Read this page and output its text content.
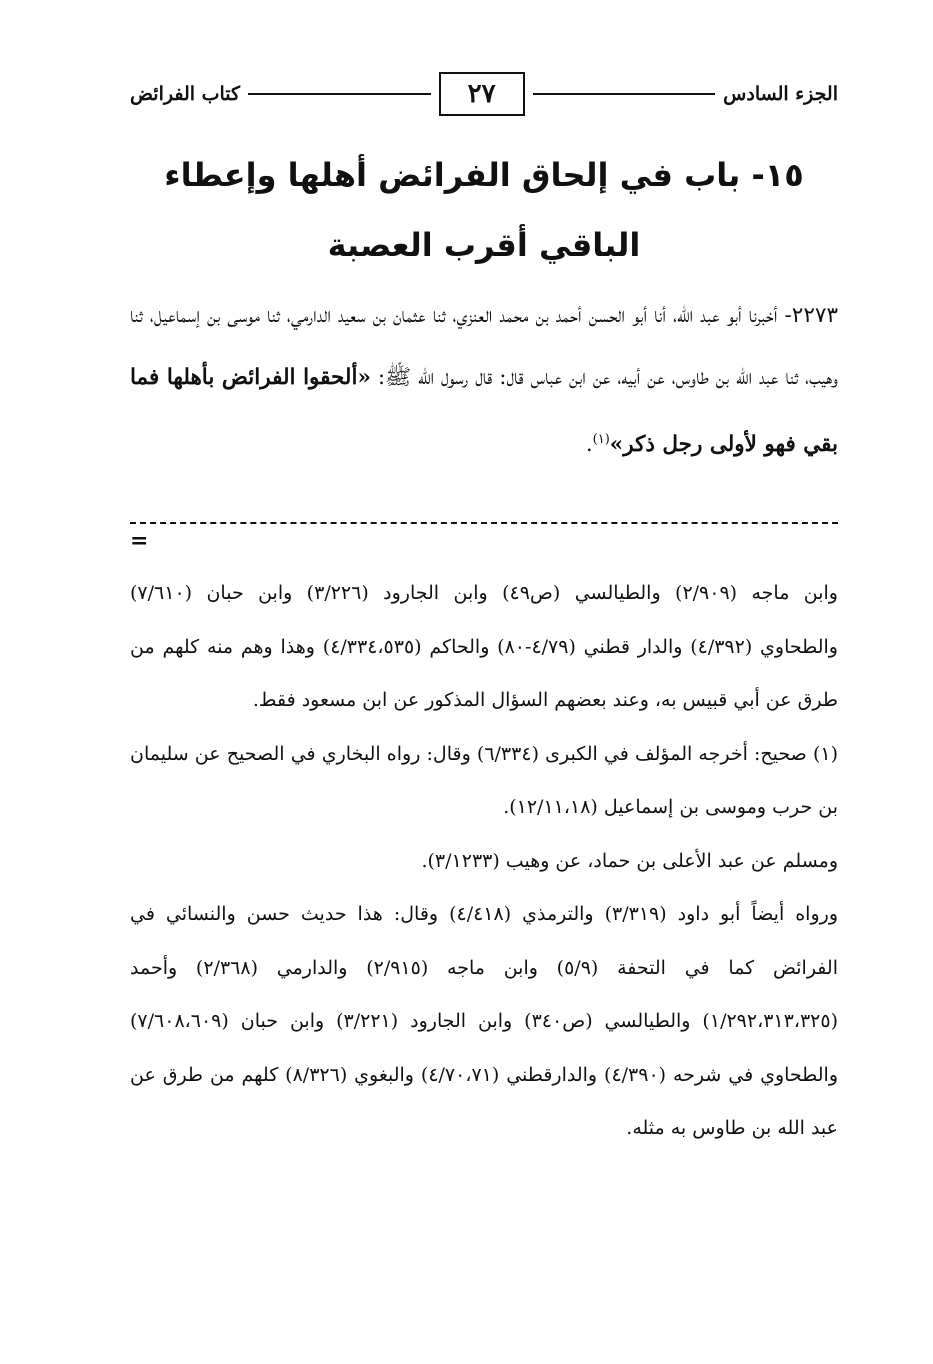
الجزء السادس
٢٧
كتاب الفرائض
١٥- باب في إلحاق الفرائض أهلها وإعطاء الباقي أقرب العصبة

٢٢٧٣- أخبرنا أبو عبد الله، أنا أبو الحسن أحمد بن محمد العنزي، ثنا عثمان بن سعيد الدارمي، ثنا موسى بن إسماعيل، ثنا وهيب، ثنا عبد الله بن طاوس، عن أبيه، عن ابن عباس قال: قال رسول الله ﷺ: «ألحقوا الفرائض بأهلها فما بقي فهو لأولى رجل ذكر»$^{(١)}$.

=

وابن ماجه (٢/٩٠٩) والطيالسي (ص٤٩) وابن الجارود (٣/٢٢٦) وابن حبان (٧/٦١٠) والطحاوي (٤/٣٩٢) والدار قطني (٤/٧٩-٨٠) والحاكم (٤/٣٣٤،٥٣٥) وهذا وهم منه كلهم من طرق عن أبي قبيس به، وعند بعضهم السؤال المذكور عن ابن مسعود فقط.

(١) صحيح: أخرجه المؤلف في الكبرى (٦/٣٣٤) وقال: رواه البخاري في الصحيح عن سليمان بن حرب وموسى بن إسماعيل (١٢/١١،١٨).

ومسلم عن عبد الأعلى بن حماد، عن وهيب (٣/١٢٣٣).

ورواه أيضاً أبو داود (٣/٣١٩) والترمذي (٤/٤١٨) وقال: هذا حديث حسن والنسائي في الفرائض كما في التحفة (٥/٩) وابن ماجه (٢/٩١٥) والدارمي (٢/٣٦٨) وأحمد (١/٢٩٢،٣١٣،٣٢٥) والطيالسي (ص٣٤٠) وابن الجارود (٣/٢٢١) وابن حبان (٧/٦٠٨،٦٠٩) والطحاوي في شرحه (٤/٣٩٠) والدارقطني (٤/٧٠،٧١) والبغوي (٨/٣٢٦) كلهم من طرق عن عبد الله بن طاوس به مثله.
